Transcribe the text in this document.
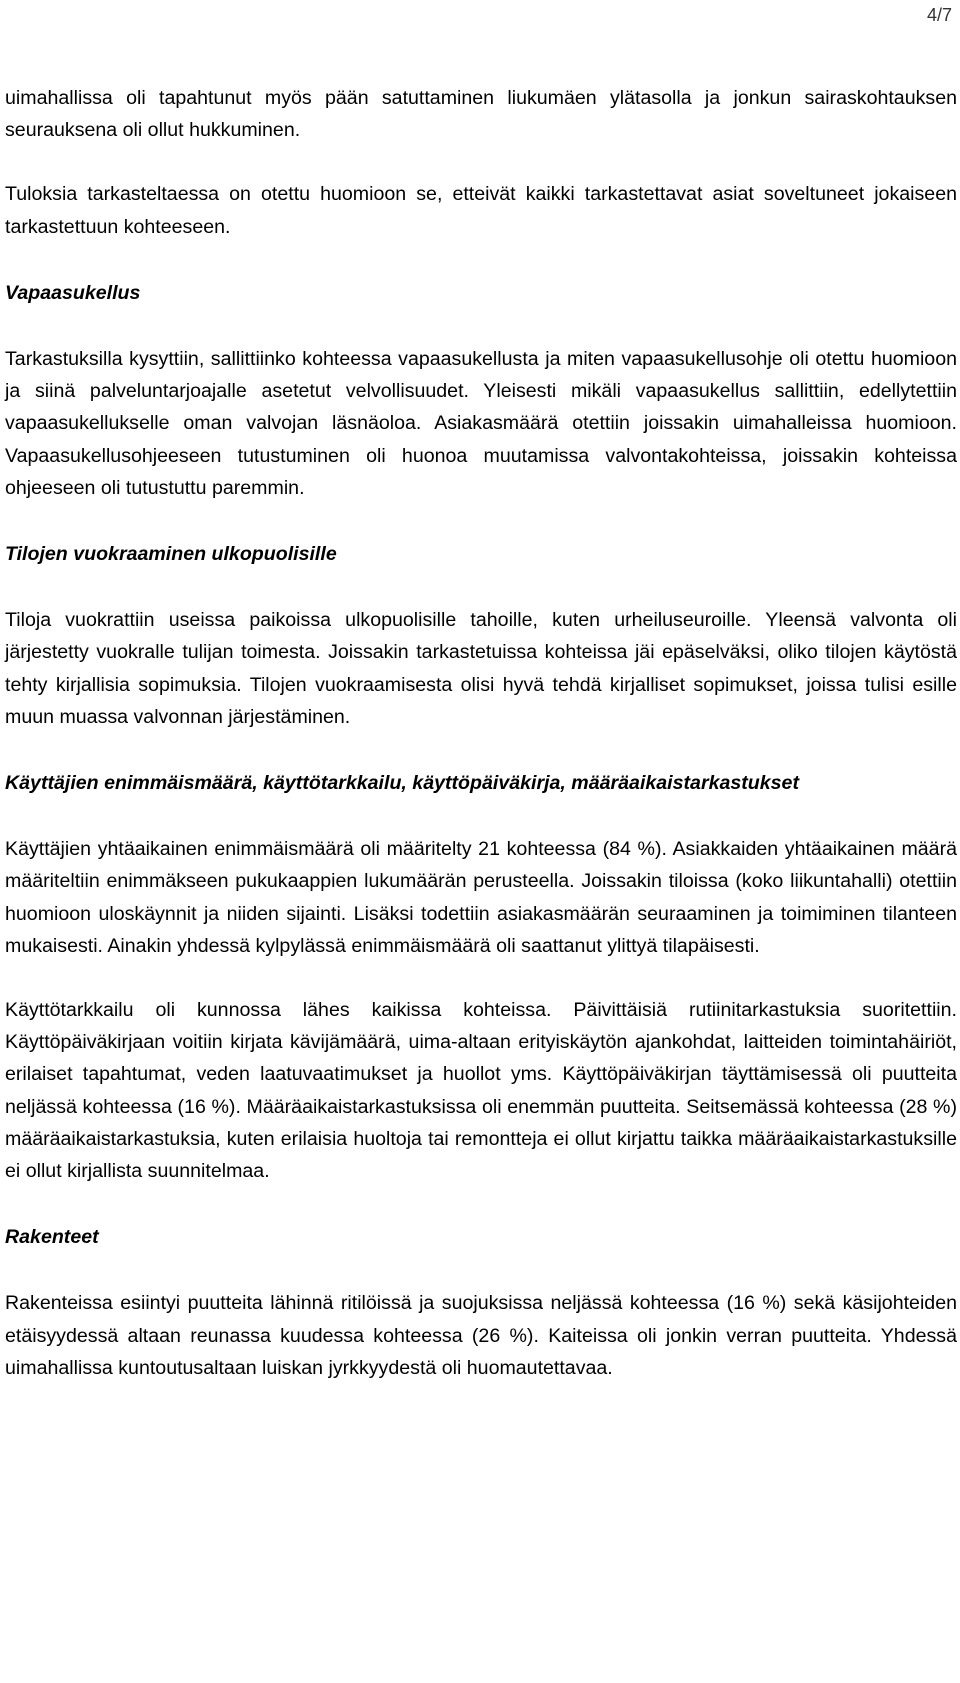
4/7

uimahallissa oli tapahtunut myös pään satuttaminen liukumäen ylätasolla ja jonkun sairaskohtauksen seurauksena oli ollut hukkuminen.

Tuloksia tarkasteltaessa on otettu huomioon se, etteivät kaikki tarkastettavat asiat soveltuneet jokaiseen tarkastettuun kohteeseen.

Vapaasukellus

Tarkastuksilla kysyttiin, sallittiinko kohteessa vapaasukellusta ja miten vapaasukellusohje oli otettu huomioon ja siinä palveluntarjoajalle asetetut velvollisuudet. Yleisesti mikäli vapaasukellus sallittiin, edellytettiin vapaasukellukselle oman valvojan läsnäoloa. Asiakasmäärä otettiin joissakin uimahalleissa huomioon. Vapaasukellusohjeeseen tutustuminen oli huonoa muutamissa valvontakohteissa, joissakin kohteissa ohjeeseen oli tutustuttu paremmin.

Tilojen vuokraaminen ulkopuolisille

Tiloja vuokrattiin useissa paikoissa ulkopuolisille tahoille, kuten urheiluseuroille. Yleensä valvonta oli järjestetty vuokralle tulijan toimesta. Joissakin tarkastetuissa kohteissa jäi epäselväksi, oliko tilojen käytöstä tehty kirjallisia sopimuksia. Tilojen vuokraamisesta olisi hyvä tehdä kirjalliset sopimukset, joissa tulisi esille muun muassa valvonnan järjestäminen.

Käyttäjien enimmäismäärä, käyttötarkkailu, käyttöpäiväkirja, määräaikaistarkastukset

Käyttäjien yhtäaikainen enimmäismäärä oli määritelty 21 kohteessa (84 %). Asiakkaiden yhtäaikainen määrä määriteltiin enimmäkseen pukukaappien lukumäärän perusteella. Joissakin tiloissa (koko liikuntahalli) otettiin huomioon uloskäynnit ja niiden sijainti. Lisäksi todettiin asiakasmäärän seuraaminen ja toimiminen tilanteen mukaisesti. Ainakin yhdessä kylpylässä enimmäismäärä oli saattanut ylittyä tilapäisesti.

Käyttötarkkailu oli kunnossa lähes kaikissa kohteissa. Päivittäisiä rutiinitarkastuksia suoritettiin. Käyttöpäiväkirjaan voitiin kirjata kävijämäärä, uima-altaan erityiskäytön ajankohdat, laitteiden toimintahäiriöt, erilaiset tapahtumat, veden laatuvaatimukset ja huollot yms. Käyttöpäiväkirjan täyttämisessä oli puutteita neljässä kohteessa (16 %). Määräaikaistarkastuksissa oli enemmän puutteita. Seitsemässä kohteessa (28 %) määräaikaistarkastuksia, kuten erilaisia huoltoja tai remontteja ei ollut kirjattu taikka määräaikaistarkastuksille ei ollut kirjallista suunnitelmaa.

Rakenteet

Rakenteissa esiintyi puutteita lähinnä ritilöissä ja suojuksissa neljässä kohteessa (16 %) sekä käsijohteiden etäisyydessä altaan reunassa kuudessa kohteessa (26 %). Kaiteissa oli jonkin verran puutteita. Yhdessä uimahallissa kuntoutusaltaan luiskan jyrkkyydestä oli huomautettavaa.
